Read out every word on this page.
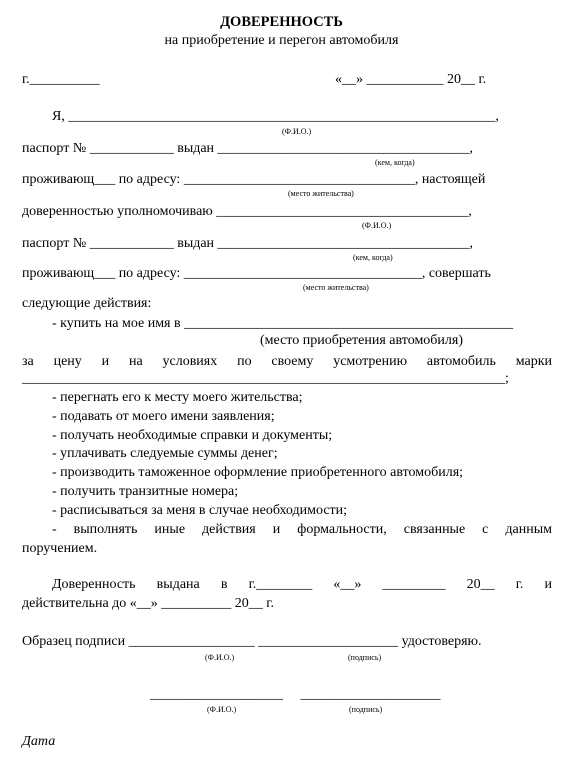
ДОВЕРЕННОСТЬ
на приобретение и перегон автомобиля
г.__________	«__» ___________ 20__ г.
Я, _____________________________________________________________,
(Ф.И.О.)
паспорт № ____________ выдан ____________________________________,
(кем, когда)
проживающ___ по адресу: _________________________________, настоящей
(место жительства)
доверенностью уполномочиваю ____________________________________,
(Ф.И.О.)
паспорт № ____________ выдан ____________________________________,
(кем, когда)
проживающ___ по адресу: __________________________________, совершать
(место жительства)
следующие действия:
- купить на мое имя в _______________________________________________
(место приобретения автомобиля)
за цену и на условиях по своему усмотрению автомобиль марки
_____________________________________________________________________;
- перегнать его к месту моего жительства;
- подавать от моего имени заявления;
- получать необходимые справки и документы;
- уплачивать следуемые суммы денег;
- производить таможенное оформление приобретенного автомобиля;
- получить транзитные номера;
- расписываться за меня в случае необходимости;
- выполнять иные действия и формальности, связанные с данным
поручением.
Доверенность выдана в г.________ «__» _________ 20__ г. и
действительна до «__» __________ 20__ г.
Образец подписи __________________ ____________________ удостоверяю.
(Ф.И.О.)	(подпись)
___________________     ____________________
(Ф.И.О.)	(подпись)
Дата
